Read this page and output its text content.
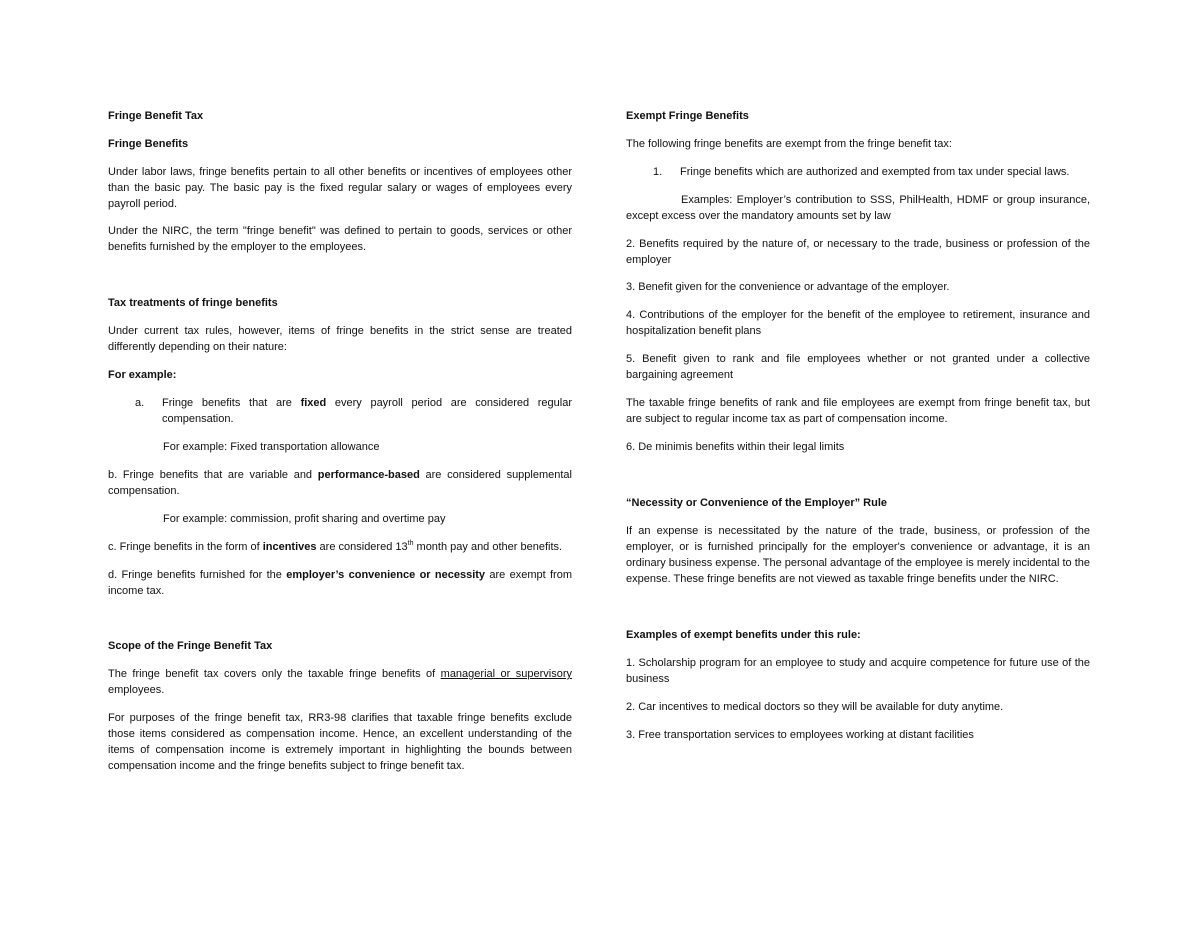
Fringe Benefit Tax

Fringe Benefits

Under labor laws, fringe benefits pertain to all other benefits or incentives of employees other than the basic pay. The basic pay is the fixed regular salary or wages of employees every payroll period.

Under the NIRC, the term "fringe benefit" was defined to pertain to goods, services or other benefits furnished by the employer to the employees.

Tax treatments of fringe benefits

Under current tax rules, however, items of fringe benefits in the strict sense are treated differently depending on their nature:

For example:

a.	Fringe benefits that are fixed every payroll period are considered regular compensation.

For example: Fixed transportation allowance

b. Fringe benefits that are variable and performance-based are considered supplemental compensation.

For example: commission, profit sharing and overtime pay

c. Fringe benefits in the form of incentives are considered 13th month pay and other benefits.

d. Fringe benefits furnished for the employer’s convenience or necessity are exempt from income tax.

Scope of the Fringe Benefit Tax

The fringe benefit tax covers only the taxable fringe benefits of managerial or supervisory employees.

For purposes of the fringe benefit tax, RR3-98 clarifies that taxable fringe benefits exclude those items considered as compensation income. Hence, an excellent understanding of the items of compensation income is extremely important in highlighting the bounds between compensation income and the fringe benefits subject to fringe benefit tax.

Exempt Fringe Benefits

The following fringe benefits are exempt from the fringe benefit tax:

1.	Fringe benefits which are authorized and exempted from tax under special laws.

Examples: Employer’s contribution to SSS, PhilHealth, HDMF or group insurance, except excess over the mandatory amounts set by law

2. Benefits required by the nature of, or necessary to the trade, business or profession of the employer

3. Benefit given for the convenience or advantage of the employer.

4. Contributions of the employer for the benefit of the employee to retirement, insurance and hospitalization benefit plans

5. Benefit given to rank and file employees whether or not granted under a collective bargaining agreement

The taxable fringe benefits of rank and file employees are exempt from fringe benefit tax, but are subject to regular income tax as part of compensation income.

6. De minimis benefits within their legal limits

“Necessity or Convenience of the Employer” Rule

If an expense is necessitated by the nature of the trade, business, or profession of the employer, or is furnished principally for the employer's convenience or advantage, it is an ordinary business expense. The personal advantage of the employee is merely incidental to the expense. These fringe benefits are not viewed as taxable fringe benefits under the NIRC.

Examples of exempt benefits under this rule:

1. Scholarship program for an employee to study and acquire competence for future use of the business

2. Car incentives to medical doctors so they will be available for duty anytime.

3. Free transportation services to employees working at distant facilities
